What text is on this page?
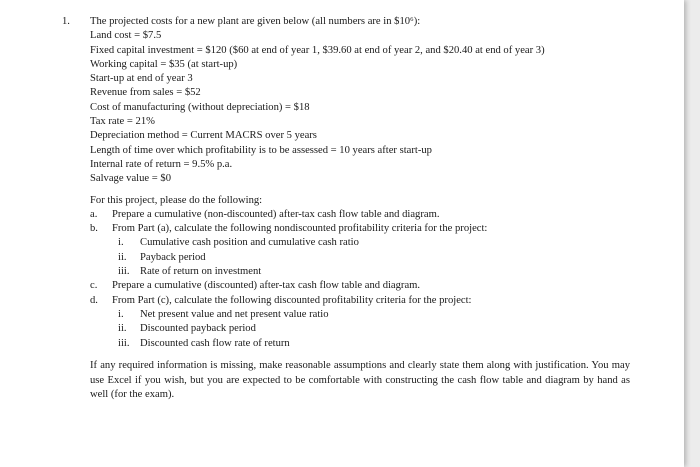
1. The projected costs for a new plant are given below (all numbers are in $10⁶):
Land cost = $7.5
Fixed capital investment = $120 ($60 at end of year 1, $39.60 at end of year 2, and $20.40 at end of year 3)
Working capital = $35 (at start-up)
Start-up at end of year 3
Revenue from sales = $52
Cost of manufacturing (without depreciation) = $18
Tax rate = 21%
Depreciation method = Current MACRS over 5 years
Length of time over which profitability is to be assessed = 10 years after start-up
Internal rate of return = 9.5% p.a.
Salvage value = $0
For this project, please do the following:
a. Prepare a cumulative (non-discounted) after-tax cash flow table and diagram.
b. From Part (a), calculate the following nondiscounted profitability criteria for the project:
i. Cumulative cash position and cumulative cash ratio
ii. Payback period
iii. Rate of return on investment
c. Prepare a cumulative (discounted) after-tax cash flow table and diagram.
d. From Part (c), calculate the following discounted profitability criteria for the project:
i. Net present value and net present value ratio
ii. Discounted payback period
iii. Discounted cash flow rate of return
If any required information is missing, make reasonable assumptions and clearly state them along with justification. You may use Excel if you wish, but you are expected to be comfortable with constructing the cash flow table and diagram by hand as well (for the exam).
